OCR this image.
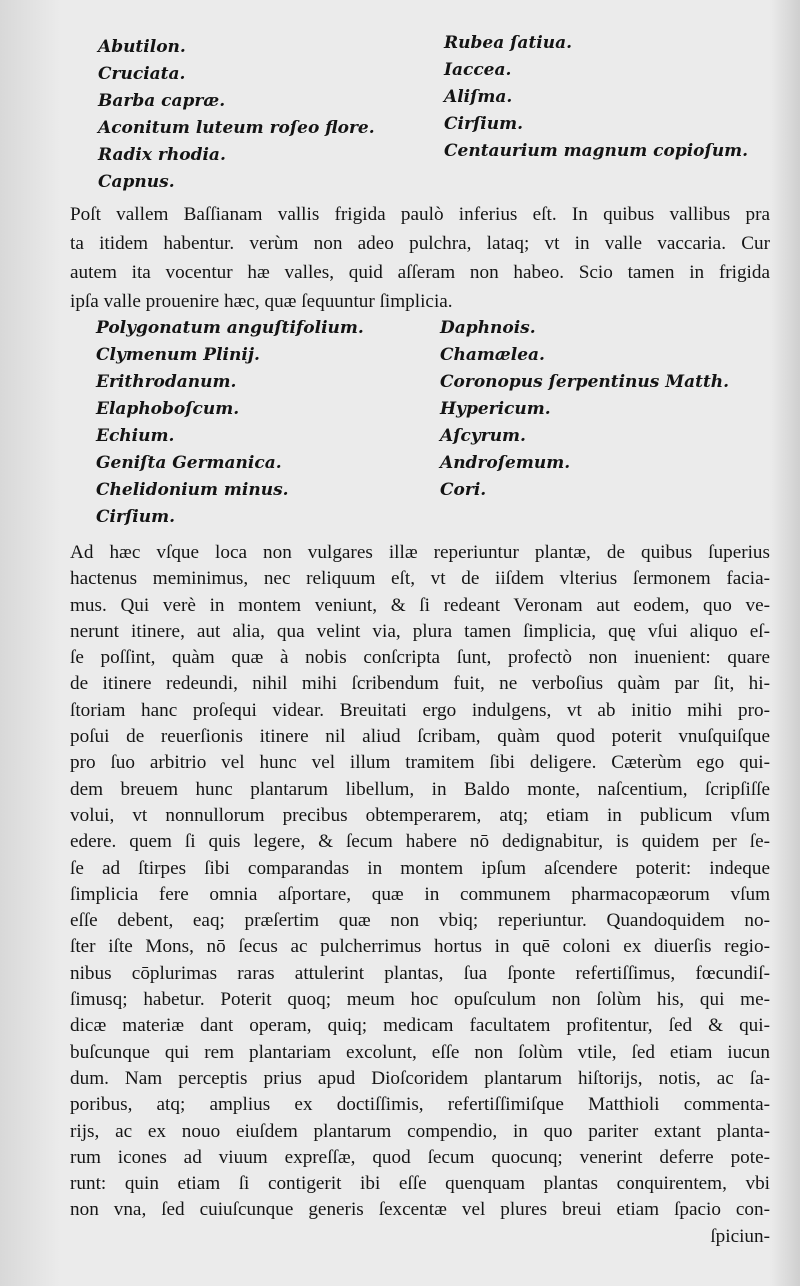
Abutilon.
Cruciata.
Barba capræ.
Aconitum luteum roſeo flore.
Radix rhodia.
Capnus.
Rubea ſatiua.
Iaccea.
Aliſma.
Cirſium.
Centaurium magnum copioſum.
Poſt vallem Baſſianam vallis frigida paulò inferius eſt. In quibus vallibus pra
ta itidem habentur. verùm non adeo pulchra, lataq; vt in valle vaccaria. Cur
autem ita vocentur hæ valles, quid aſſeram non habeo. Scio tamen in frigida
ipſa valle prouenire hæc, quæ ſequuntur ſimplicia.
Polygonatum anguſtifolium.
Clymenum Plinij.
Erithrodanum.
Elaphoboſcum.
Echium.
Geniſta Germanica.
Chelidonium minus.
Cirſium.
Daphnois.
Chamælea.
Coronopus ſerpentinus Matth.
Hypericum.
Aſcyrum.
Androſemum.
Cori.
Ad hæc vſque loca non vulgares illæ reperiuntur plantæ, de quibus ſuperius
hactenus meminimus, nec reliquum eſt, vt de iiſdem vlterius ſermonem facia-
mus. Qui verè in montem veniunt, & ſi redeant Veronam aut eodem, quo ve-
nerunt itinere, aut alia, qua velint via, plura tamen ſimplicia, quę vſui aliquo eſ-
ſe poſſint, quàm quæ à nobis conſcripta ſunt, profectò non inuenient: quare
de itinere redeundi, nihil mihi ſcribendum fuit, ne verboſius quàm par ſit, hi-
ſtoriam hanc proſequi videar. Breuitati ergo indulgens, vt ab initio mihi pro-
poſui de reuerſionis itinere nil aliud ſcribam, quàm quod poterit vnuſquiſque
pro ſuo arbitrio vel hunc vel illum tramitem ſibi deligere. Cæterùm ego qui-
dem breuem hunc plantarum libellum, in Baldo monte, naſcentium, ſcripſiſſe
volui, vt nonnullorum precibus obtemperarem, atq; etiam in publicum vſum
edere. quem ſi quis legere, & ſecum habere nō dedignabitur, is quidem per ſe-
ſe ad ſtirpes ſibi comparandas in montem ipſum aſcendere poterit: indeque
ſimplicia fere omnia aſportare, quæ in communem pharmacopæorum vſum
eſſe debent, eaq; præſertim quæ non vbiq; reperiuntur. Quandoquidem no-
ſter iſte Mons, nō ſecus ac pulcherrimus hortus in quē coloni ex diuerſis regio-
nibus cōplurimas raras attulerint plantas, ſua ſponte refertiſſimus, fœcundiſ-
ſimusq; habetur. Poterit quoq; meum hoc opuſculum non ſolùm his, qui me-
dicæ materiæ dant operam, quiq; medicam facultatem profitentur, ſed & qui-
buſcunque qui rem plantariam excolunt, eſſe non ſolùm vtile, ſed etiam iucun
dum. Nam perceptis prius apud Dioſcoridem plantarum hiſtorijs, notis, ac ſa-
poribus, atq; amplius ex doctiſſimis, refertiſſimiſque Matthioli commenta-
rijs, ac ex nouo eiuſdem plantarum compendio, in quo pariter extant planta-
rum icones ad viuum expreſſæ, quod ſecum quocunq; venerint deferre pote-
runt: quin etiam ſi contigerit ibi eſſe quenquam plantas conquirentem, vbi
non vna, ſed cuiuſcunque generis ſexcentæ vel plures breui etiam ſpacio con-
ſpiciun-
